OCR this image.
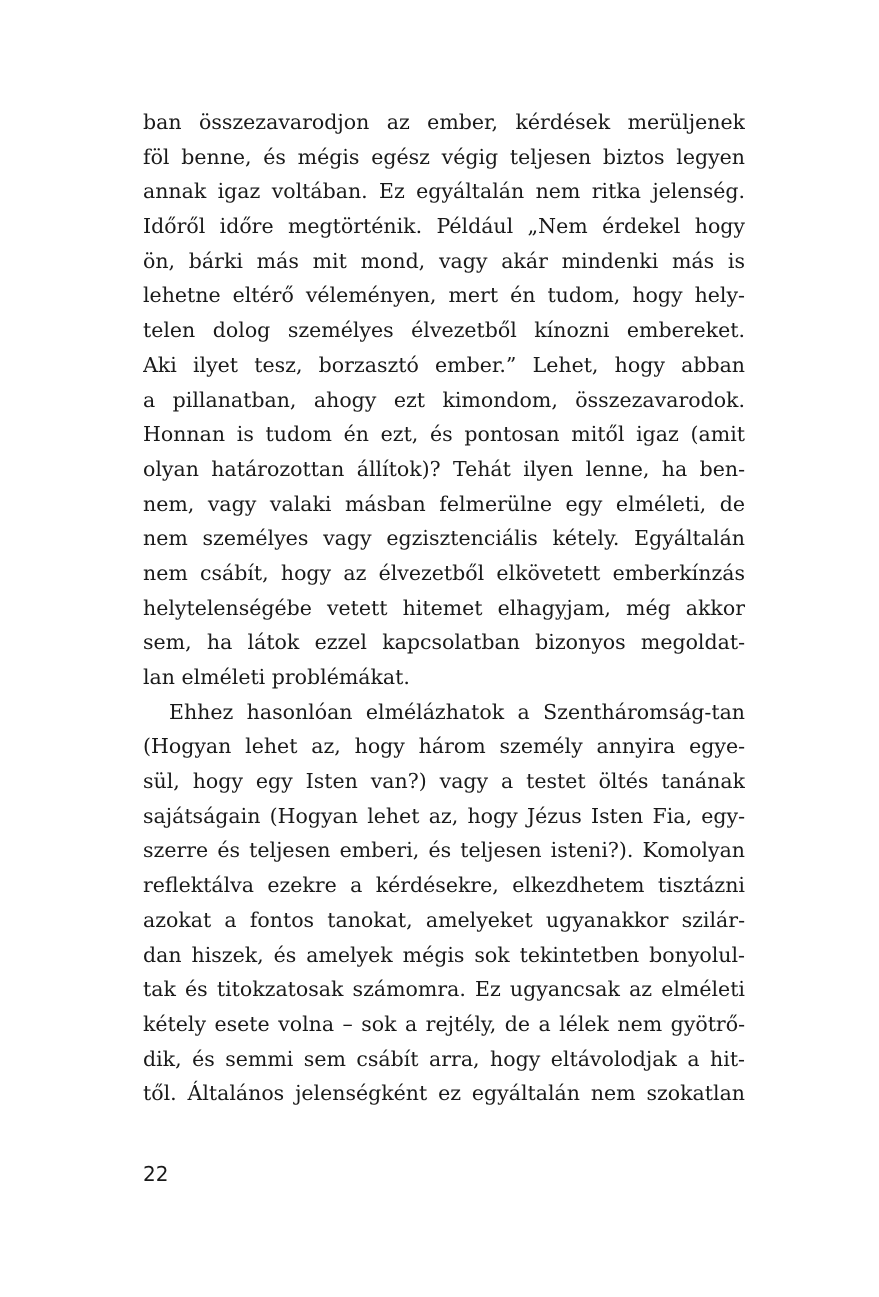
ban összezavarodjon az ember, kérdések merüljenek
föl benne, és mégis egész végig teljesen biztos legyen
annak igaz voltában. Ez egyáltalán nem ritka jelenség.
Időről időre megtörténik. Például „Nem érdekel hogy
ön, bárki más mit mond, vagy akár mindenki más is
lehetne eltérő véleményen, mert én tudom, hogy hely-
telen dolog személyes élvezetből kínozni embereket.
Aki ilyet tesz, borzasztó ember.” Lehet, hogy abban
a pillanatban, ahogy ezt kimondom, összezavarodok.
Honnan is tudom én ezt, és pontosan mitől igaz (amit
olyan határozottan állítok)? Tehát ilyen lenne, ha ben-
nem, vagy valaki másban felmerülne egy elméleti, de
nem személyes vagy egzisztenciális kétely. Egyáltalán
nem csábít, hogy az élvezetből elkövetett emberkínzás
helytelenségébe vetett hitemet elhagyjam, még akkor
sem, ha látok ezzel kapcsolatban bizonyos megoldat-
lan elméleti problémákat.
Ehhez hasonlóan elmélázhatok a Szentháromság-tan
(Hogyan lehet az, hogy három személy annyira egye-
sül, hogy egy Isten van?) vagy a testet öltés tanának
sajátságain (Hogyan lehet az, hogy Jézus Isten Fia, egy-
szerre és teljesen emberi, és teljesen isteni?). Komolyan
reflektálva ezekre a kérdésekre, elkezdhetem tisztázni
azokat a fontos tanokat, amelyeket ugyanakkor szilár-
dan hiszek, és amelyek mégis sok tekintetben bonyolul-
tak és titokzatosak számomra. Ez ugyancsak az elméleti
kétely esete volna – sok a rejtély, de a lélek nem gyötrő-
dik, és semmi sem csábít arra, hogy eltávolodjak a hit-
től. Általános jelenségként ez egyáltalán nem szokatlan
22
